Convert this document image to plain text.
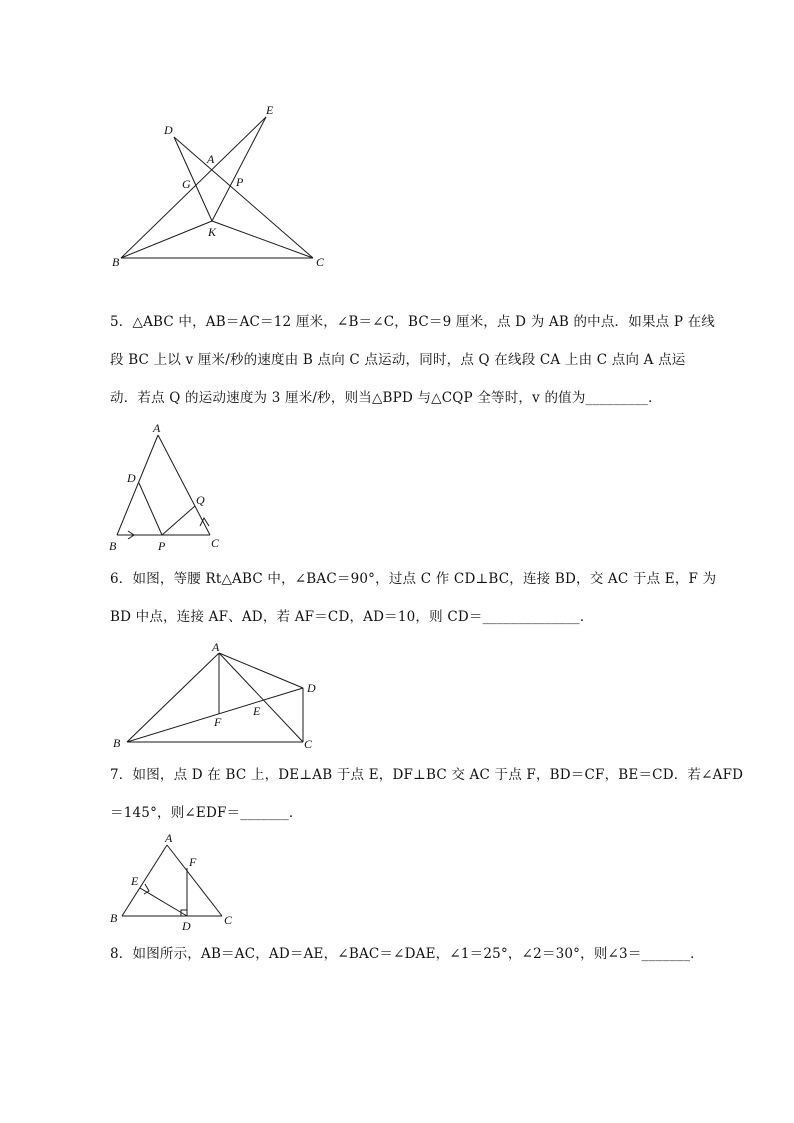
D
E
A
G	P
K
B	C
5．△ABC 中，AB＝AC＝12 厘米，∠B＝∠C，BC＝9 厘米，点 D 为 AB 的中点．如果点 P 在线
段 BC 上以 v 厘米/秒的速度由 B 点向 C 点运动，同时，点 Q 在线段 CA 上由 C 点向 A 点运
动．若点 Q 的运动速度为 3 厘米/秒，则当△BPD 与△CQP 全等时，v 的值为_________．
A
D
Q
B	P	C
6．如图，等腰 Rt△ABC 中，∠BAC＝90°，过点 C 作 CD⊥BC，连接 BD，交 AC 于点 E，F 为
BD 中点，连接 AF、AD，若 AF＝CD，AD＝10，则 CD＝______________．
A
D
F
E
B	C
7．如图，点 D 在 BC 上，DE⊥AB 于点 E，DF⊥BC 交 AC 于点 F，BD＝CF，BE＝CD．若∠AFD
＝145°，则∠EDF＝_______．
A
F
E
B
D	C
8．如图所示，AB＝AC，AD＝AE，∠BAC＝∠DAE，∠1＝25°，∠2＝30°，则∠3＝_______．
